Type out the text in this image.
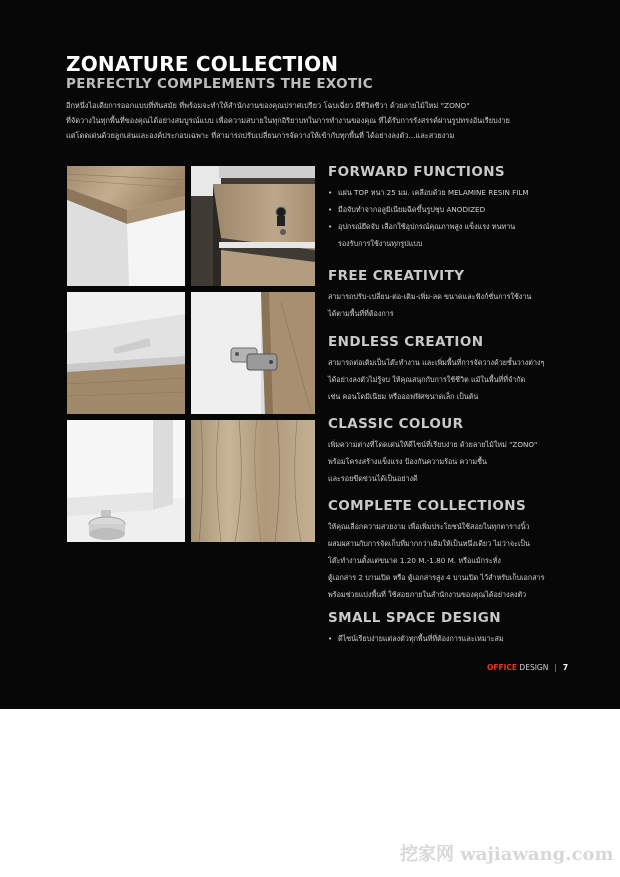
ZONATURE COLLECTION
PERFECTLY COMPLEMENTS THE EXOTIC

อีกหนึ่งไอเดียการออกแบบที่ทันสมัย ที่พร้อมจะทำให้สำนักงานของคุณปราศเปรียว โฉบเฉี่ยว มีชีวิตชีวา ด้วยลายไม้ใหม่ "ZONO"

ที่จัดวางในทุกพื้นที่ของคุณได้อย่างสมบูรณ์แบบ เพื่อความสบายในทุกอิริยาบทในการทำงานของคุณ ที่ได้รับการรังสรรค์ผ่านรูปทรงอันเรียบง่าย

แต่โดดเด่นด้วยลูกเล่นและองค์ประกอบเฉพาะ ที่สามารถปรับเปลี่ยนการจัดวางให้เข้ากับทุกพื้นที่ ได้อย่างลงตัว...และสวยงาม

FORWARD FUNCTIONS
• แผ่น TOP หนา 25 มม. เคลือบด้วย MELAMINE RESIN FILM
• มือจับทำจากอลูมิเนียมฉีดขึ้นรูปชุบ ANODIZED
• อุปกรณ์ยึดจับ เลือกใช้อุปกรณ์คุณภาพสูง แข็งแรง ทนทาน
รองรับการใช้งานทุกรูปแบบ
FREE CREATIVITY
สามารถปรับ-เปลี่ยน-ต่อ-เติม-เพิ่ม-ลด ขนาดและฟังก์ชั่นการใช้งาน
ได้ตามพื้นที่ที่ต้องการ
ENDLESS CREATION
สามารถต่อเติมเป็นโต๊ะทำงาน และเพิ่มพื้นที่การจัดวางด้วยชั้นวางต่างๆ
ได้อย่างลงตัวไม่รู้จบ ให้คุณสนุกกับการใช้ชีวิต แม้ในพื้นที่ที่จำกัด
เช่น คอนโดมิเนียม หรือออฟฟิศขนาดเล็ก เป็นต้น
CLASSIC COLOUR
เพิ่มความต่างที่โดดเด่นให้ดีไซน์ที่เรียบง่าย ด้วยลายไม้ใหม่ "ZONO"
พร้อมโครงสร้างแข็งแรง ป้องกันความร้อน ความชื้น
และรอยขีดข่วนได้เป็นอย่างดี
COMPLETE COLLECTIONS
ให้คุณเลือกความสวยงาม เพื่อเพิ่มประโยชน์ใช้สอยในทุกตารางนิ้ว
ผสมผสานกับการจัดเก็บที่มากกว่าเดิมให้เป็นหนึ่งเดียว ไม่ว่าจะเป็น
โต๊ะทำงานตั้งแต่ขนาด 1.20 M.-1.80 M. หรือแม้กระทั่ง
ตู้เอกสาร 2 บานเปิด หรือ ตู้เอกสารสูง 4 บานเปิด ไว้สำหรับเก็บเอกสาร
พร้อมช่วยแบ่งพื้นที่ ใช้สอยภายในสำนักงานของคุณได้อย่างลงตัว
SMALL SPACE DESIGN
• ดีไซน์เรียบง่ายแต่ลงตัวทุกพื้นที่ที่ต้องการและเหมาะสม
OFFICE DESIGN | 7
挖家网 wajiawang.com
